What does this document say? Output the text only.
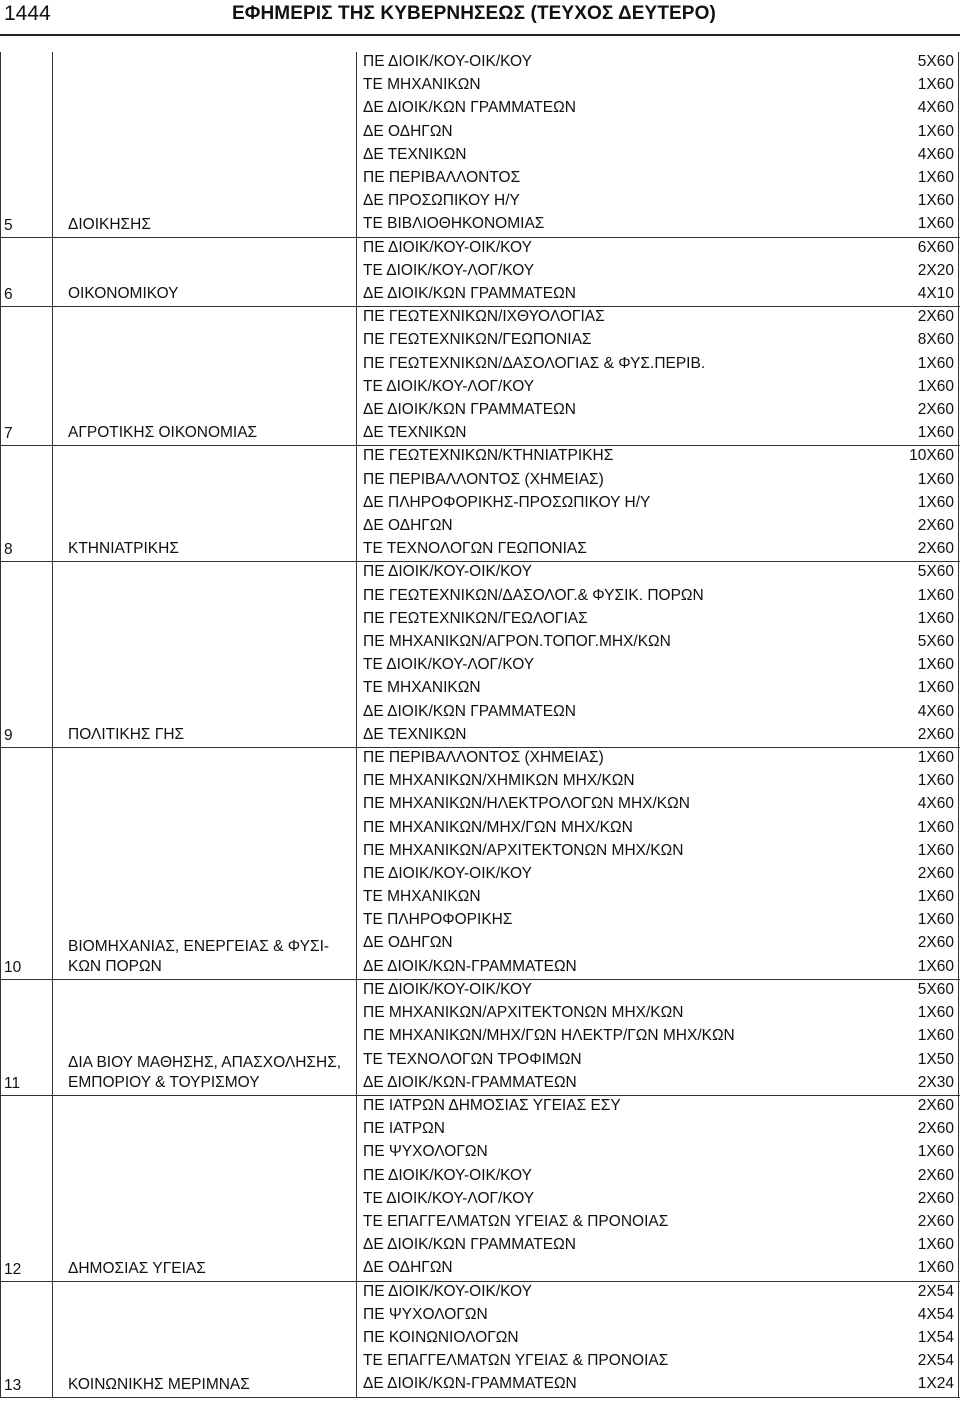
1444	ΕΦΗΜΕΡΙΣ ΤΗΣ ΚΥΒΕΡΝΗΣΕΩΣ (ΤΕΥΧΟΣ ΔΕΥΤΕΡΟ)
5	ΔΙΟΙΚΗΣΗΣ
ΠΕ ΔΙΟΙΚ/ΚΟΥ-ΟΙΚ/ΚΟΥ	5Χ60
ΤΕ ΜΗΧΑΝΙΚΩΝ	1Χ60
ΔΕ ΔΙΟΙΚ/ΚΩΝ ΓΡΑΜΜΑΤΕΩΝ	4Χ60
ΔΕ ΟΔΗΓΩΝ	1Χ60
ΔΕ ΤΕΧΝΙΚΩΝ	4Χ60
ΠΕ ΠΕΡΙΒΑΛΛΟΝΤΟΣ	1Χ60
ΔΕ ΠΡΟΣΩΠΙΚΟΥ Η/Υ	1Χ60
ΤΕ ΒΙΒΛΙΟΘΗΚΟΝΟΜΙΑΣ	1Χ60
6	ΟΙΚΟΝΟΜΙΚΟΥ
ΠΕ ΔΙΟΙΚ/ΚΟΥ-ΟΙΚ/ΚΟΥ	6Χ60
ΤΕ ΔΙΟΙΚ/ΚΟΥ-ΛΟΓ/ΚΟΥ	2Χ20
ΔΕ ΔΙΟΙΚ/ΚΩΝ ΓΡΑΜΜΑΤΕΩΝ	4Χ10
7	ΑΓΡΟΤΙΚΗΣ ΟΙΚΟΝΟΜΙΑΣ
ΠΕ ΓΕΩΤΕΧΝΙΚΩΝ/ΙΧΘΥΟΛΟΓΙΑΣ	2Χ60
ΠΕ ΓΕΩΤΕΧΝΙΚΩΝ/ΓΕΩΠΟΝΙΑΣ	8Χ60
ΠΕ ΓΕΩΤΕΧΝΙΚΩΝ/ΔΑΣΟΛΟΓΙΑΣ & ΦΥΣ.ΠΕΡΙΒ.	1Χ60
ΤΕ ΔΙΟΙΚ/ΚΟΥ-ΛΟΓ/ΚΟΥ	1Χ60
ΔΕ ΔΙΟΙΚ/ΚΩΝ ΓΡΑΜΜΑΤΕΩΝ	2Χ60
ΔΕ ΤΕΧΝΙΚΩΝ	1Χ60
8	ΚΤΗΝΙΑΤΡΙΚΗΣ
ΠΕ ΓΕΩΤΕΧΝΙΚΩΝ/ΚΤΗΝΙΑΤΡΙΚΗΣ	10Χ60
ΠΕ ΠΕΡΙΒΑΛΛΟΝΤΟΣ (ΧΗΜΕΙΑΣ)	1Χ60
ΔΕ ΠΛΗΡΟΦΟΡΙΚΗΣ-ΠΡΟΣΩΠΙΚΟΥ Η/Υ	1Χ60
ΔΕ ΟΔΗΓΩΝ	2Χ60
ΤΕ ΤΕΧΝΟΛΟΓΩΝ ΓΕΩΠΟΝΙΑΣ	2Χ60
9	ΠΟΛΙΤΙΚΗΣ ΓΗΣ
ΠΕ ΔΙΟΙΚ/ΚΟΥ-ΟΙΚ/ΚΟΥ	5Χ60
ΠΕ ΓΕΩΤΕΧΝΙΚΩΝ/ΔΑΣΟΛΟΓ.& ΦΥΣΙΚ. ΠΟΡΩΝ	1Χ60
ΠΕ ΓΕΩΤΕΧΝΙΚΩΝ/ΓΕΩΛΟΓΙΑΣ	1Χ60
ΠΕ ΜΗΧΑΝΙΚΩΝ/ΑΓΡΟΝ.ΤΟΠΟΓ.ΜΗΧ/ΚΩΝ	5Χ60
ΤΕ ΔΙΟΙΚ/ΚΟΥ-ΛΟΓ/ΚΟΥ	1Χ60
ΤΕ ΜΗΧΑΝΙΚΩΝ	1Χ60
ΔΕ ΔΙΟΙΚ/ΚΩΝ ΓΡΑΜΜΑΤΕΩΝ	4Χ60
ΔΕ ΤΕΧΝΙΚΩΝ	2Χ60
10
ΒΙΟΜΗΧΑΝΙΑΣ, ΕΝΕΡΓΕΙΑΣ & ΦΥΣΙ-ΚΩΝ ΠΟΡΩΝ
ΠΕ ΠΕΡΙΒΑΛΛΟΝΤΟΣ (ΧΗΜΕΙΑΣ)	1Χ60
ΠΕ ΜΗΧΑΝΙΚΩΝ/ΧΗΜΙΚΩΝ ΜΗΧ/ΚΩΝ	1Χ60
ΠΕ ΜΗΧΑΝΙΚΩΝ/ΗΛΕΚΤΡΟΛΟΓΩΝ ΜΗΧ/ΚΩΝ	4Χ60
ΠΕ ΜΗΧΑΝΙΚΩΝ/ΜΗΧ/ΓΩΝ ΜΗΧ/ΚΩΝ	1Χ60
ΠΕ ΜΗΧΑΝΙΚΩΝ/ΑΡΧΙΤΕΚΤΟΝΩΝ ΜΗΧ/ΚΩΝ	1Χ60
ΠΕ ΔΙΟΙΚ/ΚΟΥ-ΟΙΚ/ΚΟΥ	2Χ60
ΤΕ ΜΗΧΑΝΙΚΩΝ	1Χ60
ΤΕ ΠΛΗΡΟΦΟΡΙΚΗΣ	1Χ60
ΔΕ ΟΔΗΓΩΝ	2Χ60
ΔΕ ΔΙΟΙΚ/ΚΩΝ-ΓΡΑΜΜΑΤΕΩΝ	1Χ60
11
ΔΙΑ ΒΙΟΥ ΜΑΘΗΣΗΣ, ΑΠΑΣΧΟΛΗΣΗΣ, ΕΜΠΟΡΙΟΥ & ΤΟΥΡΙΣΜΟΥ
ΠΕ ΔΙΟΙΚ/ΚΟΥ-ΟΙΚ/ΚΟΥ	5Χ60
ΠΕ ΜΗΧΑΝΙΚΩΝ/ΑΡΧΙΤΕΚΤΟΝΩΝ ΜΗΧ/ΚΩΝ	1Χ60
ΠΕ ΜΗΧΑΝΙΚΩΝ/ΜΗΧ/ΓΩΝ ΗΛΕΚΤΡ/ΓΩΝ ΜΗΧ/ΚΩΝ	1Χ60
ΤΕ ΤΕΧΝΟΛΟΓΩΝ ΤΡΟΦΙΜΩΝ	1Χ50
ΔΕ ΔΙΟΙΚ/ΚΩΝ-ΓΡΑΜΜΑΤΕΩΝ	2Χ30
12	ΔΗΜΟΣΙΑΣ ΥΓΕΙΑΣ
ΠΕ ΙΑΤΡΩΝ ΔΗΜΟΣΙΑΣ ΥΓΕΙΑΣ ΕΣΥ	2Χ60
ΠΕ ΙΑΤΡΩΝ	2Χ60
ΠΕ ΨΥΧΟΛΟΓΩΝ	1Χ60
ΠΕ ΔΙΟΙΚ/ΚΟΥ-ΟΙΚ/ΚΟΥ	2Χ60
ΤΕ ΔΙΟΙΚ/ΚΟΥ-ΛΟΓ/ΚΟΥ	2Χ60
ΤΕ ΕΠΑΓΓΕΛΜΑΤΩΝ ΥΓΕΙΑΣ & ΠΡΟΝΟΙΑΣ	2Χ60
ΔΕ ΔΙΟΙΚ/ΚΩΝ ΓΡΑΜΜΑΤΕΩΝ	1Χ60
ΔΕ ΟΔΗΓΩΝ	1Χ60
13	ΚΟΙΝΩΝΙΚΗΣ ΜΕΡΙΜΝΑΣ
ΠΕ ΔΙΟΙΚ/ΚΟΥ-ΟΙΚ/ΚΟΥ	2Χ54
ΠΕ ΨΥΧΟΛΟΓΩΝ	4Χ54
ΠΕ ΚΟΙΝΩΝΙΟΛΟΓΩΝ	1Χ54
ΤΕ ΕΠΑΓΓΕΛΜΑΤΩΝ ΥΓΕΙΑΣ & ΠΡΟΝΟΙΑΣ	2Χ54
ΔΕ ΔΙΟΙΚ/ΚΩΝ-ΓΡΑΜΜΑΤΕΩΝ	1Χ24
